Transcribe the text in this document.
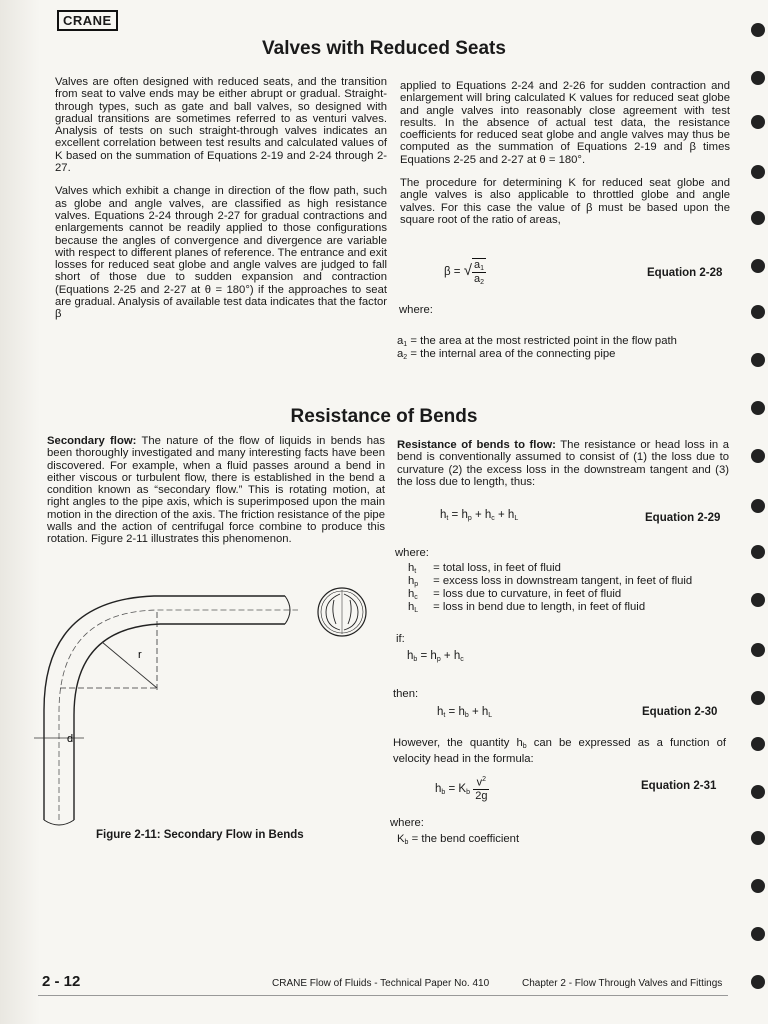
CRANE
Valves with Reduced Seats

Valves are often designed with reduced seats, and the transition from seat to valve ends may be either abrupt or gradual. Straight-through types, such as gate and ball valves, so designed with gradual transitions are sometimes referred to as venturi valves. Analysis of tests on such straight-through valves indicates an excellent correlation between test results and calculated values of K based on the summation of Equations 2-19 and 2-24 through 2-27.

Valves which exhibit a change in direction of the flow path, such as globe and angle valves, are classified as high resistance valves. Equations 2-24 through 2-27 for gradual contractions and enlargements cannot be readily applied to those configurations because the angles of convergence and divergence are variable with respect to different planes of reference. The entrance and exit losses for reduced seat globe and angle valves are judged to fall short of those due to sudden expansion and contraction (Equations 2-25 and 2-27 at θ = 180°) if the approaches to seat are gradual. Analysis of available test data indicates that the factor β

applied to Equations 2-24 and 2-26 for sudden contraction and enlargement will bring calculated K values for reduced seat globe and angle valves into reasonably close agreement with test results. In the absence of actual test data, the resistance coefficients for reduced seat globe and angle valves may thus be computed as the summation of Equations 2-19 and β times Equations 2-25 and 2-27 at θ = 180°.

The procedure for determining K for reduced seat globe and angle valves is also applicable to throttled globe and angle valves. For this case the value of β must be based upon the square root of the ratio of areas,

β = √ $\frac{a_1}{a_2}$	Equation 2-28
where:
$a_1$ = the area at the most restricted point in the flow path
$a_2$ = the internal area of the connecting pipe
Resistance of Bends

Secondary flow: The nature of the flow of liquids in bends has been thoroughly investigated and many interesting facts have been discovered. For example, when a fluid passes around a bend in either viscous or turbulent flow, there is established in the bend a condition known as “secondary flow.” This is rotating motion, at right angles to the pipe axis, which is superimposed upon the main motion in the direction of the axis. The friction resistance of the pipe walls and the action of centrifugal force combine to produce this rotation. Figure 2-11 illustrates this phenomenon.

Resistance of bends to flow: The resistance or head loss in a bend is conventionally assumed to consist of (1) the loss due to curvature (2) the excess loss in the downstream tangent and (3) the loss due to length, thus:

$h_t = h_p + h_c + h_L$	Equation 2-29
where:
$h_t$ = total loss, in feet of fluid
$h_p$ = excess loss in downstream tangent, in feet of fluid
$h_c$ = loss due to curvature, in feet of fluid
$h_L$ = loss in bend due to length, in feet of fluid
if:
$h_b = h_p + h_c$
then:
$h_t = h_b + h_L$	Equation 2-30

However, the quantity $h_b$ can be expressed as a function of velocity head in the formula:

$h_b = K_b \frac{v^2}{2g}$	Equation 2-31
where:
$K_b$ = the bend coefficient
r
d
Figure 2-11: Secondary Flow in Bends
2 - 12	CRANE Flow of Fluids - Technical Paper No. 410	Chapter 2 - Flow Through Valves and Fittings
